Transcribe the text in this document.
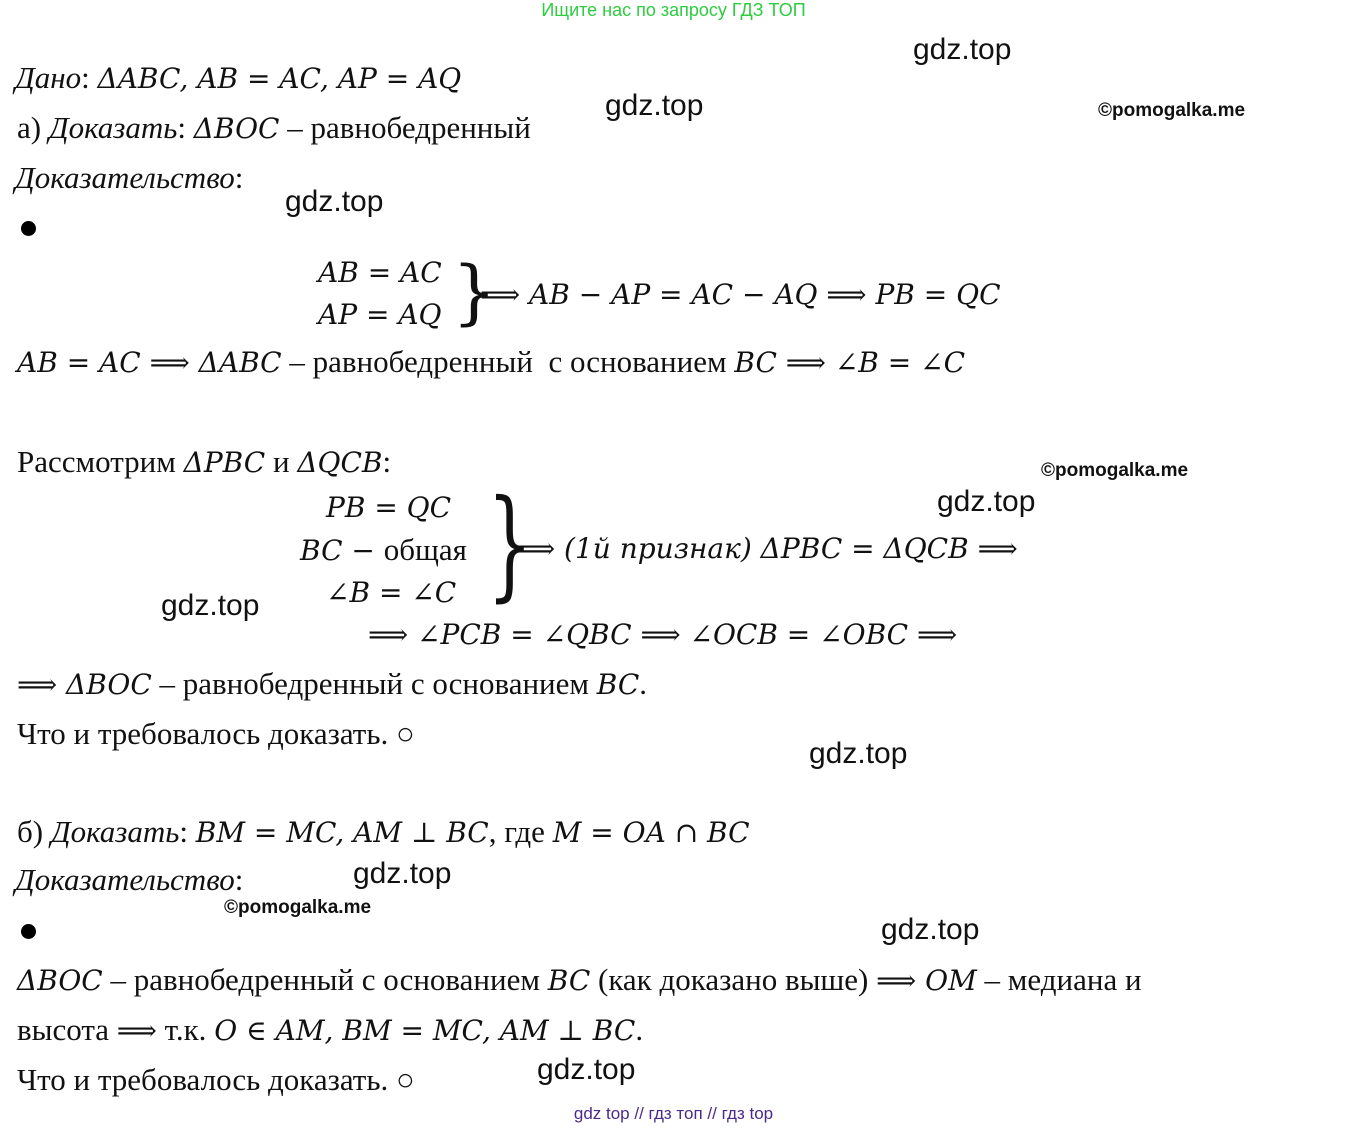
Ищите нас по запросу ГДЗ ТОП
Дано: ΔABC, AB = AC, AP = AQ
а) Доказать: ΔBOC – равнобедренный
Доказательство:
AB = AC
AP = AQ
⟹ AB − AP = AC − AQ ⟹ PB = QC
AB = AC ⟹ ΔABC – равнобедренный  с основанием BC ⟹ ∠B = ∠C
Рассмотрим ΔPBC и ΔQCB:
PB = QC
BC − общая
∠B = ∠C
⟹ (1й признак) ΔPBC = ΔQCB ⟹
⟹ ∠PCB = ∠QBC ⟹ ∠OCB = ∠OBC ⟹
⟹ ΔBOC – равнобедренный с основанием BC.
Что и требовалось доказать. ○
б) Доказать: BM = MC, AM ⊥ BC, где M = OA ∩ BC
Доказательство:
ΔBOC – равнобедренный с основанием BC (как доказано выше) ⟹ OM – медиана и
высота ⟹ т.к. O ∈ AM, BM = MC, AM ⊥ BC.
Что и требовалось доказать. ○
}
}
gdz.top
gdz.top
gdz.top
gdz.top
gdz.top
gdz.top
gdz.top
gdz.top
gdz.top
©pomogalka.me
©pomogalka.me
©pomogalka.me
gdz top // гдз топ // гдз top
